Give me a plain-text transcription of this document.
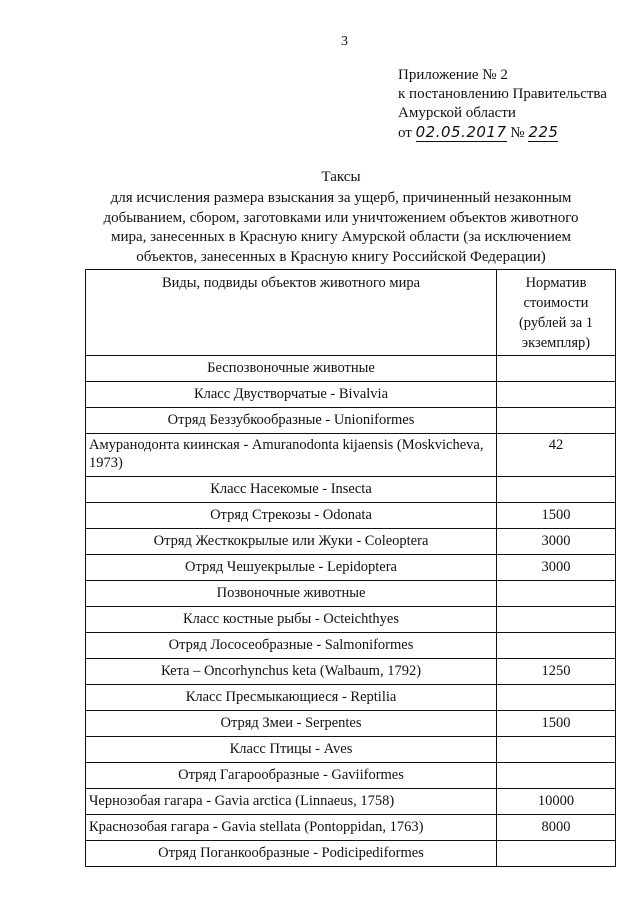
3
Приложение № 2
к постановлению Правительства
Амурской области
от 02.05.2017 № 225
Таксы
для исчисления размера взыскания за ущерб, причиненный незаконным добыванием, сбором, заготовками или уничтожением объектов животного мира, занесенных в Красную книгу Амурской области (за исключением объектов, занесенных в Красную книгу Российской Федерации)
Виды, подвиды объектов животного мира	Норматив стоимости (рублей за 1 экземпляр)
Беспозвоночные животные	
Класс Двустворчатые - Bivalvia	
Отряд Беззубкообразные - Unioniformes	
Амуранодонта киинская - Amuranodonta kijaensis (Moskvicheva, 1973)	42
Класс Насекомые - Insecta	
Отряд Стрекозы - Odonata	1500
Отряд Жесткокрылые или Жуки - Coleoptera	3000
Отряд Чешуекрылые - Lepidoptera	3000
Позвоночные животные	
Класс костные рыбы - Octeichthyes	
Отряд Лососеобразные - Salmoniformes	
Кета – Oncorhynchus keta (Walbaum, 1792)	1250
Класс Пресмыкающиеся - Reptilia	
Отряд Змеи - Serpentes	1500
Класс Птицы - Aves	
Отряд Гагарообразные - Gaviiformes	
Чернозобая гагара - Gavia arctica (Linnaeus, 1758)	10000
Краснозобая гагара - Gavia stellata (Pontoppidan, 1763)	8000
Отряд Поганкообразные - Podicipediformes	
